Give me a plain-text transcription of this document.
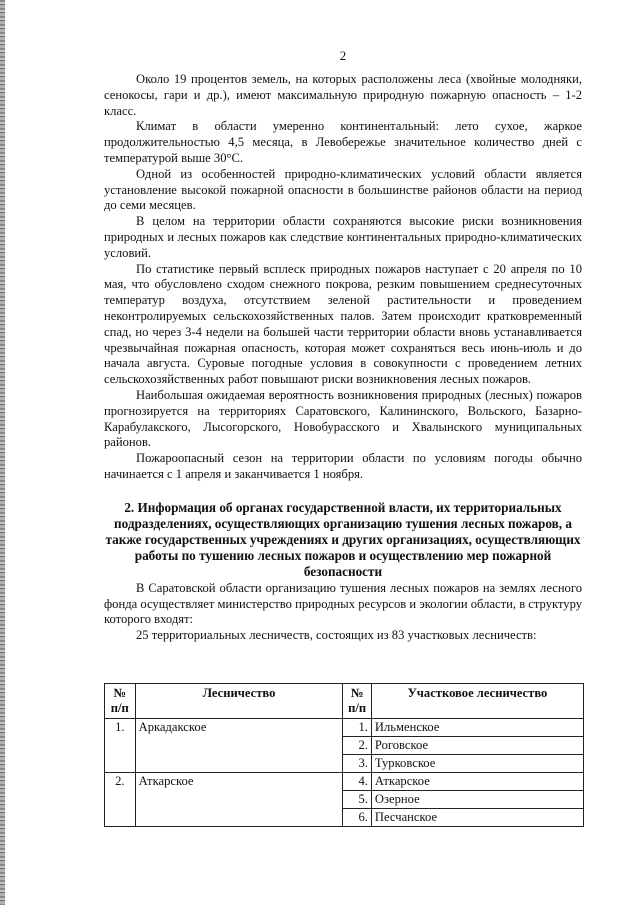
2

Около 19 процентов земель, на которых расположены леса (хвойные молодняки, сенокосы, гари и др.), имеют максимальную природную пожарную опасность – 1-2 класс.

Климат в области умеренно континентальный: лето сухое, жаркое продолжительностью 4,5 месяца, в Левобережье значительное количество дней с температурой выше 30°С.

Одной из особенностей природно-климатических условий области является установление высокой пожарной опасности в большинстве районов области на период до семи месяцев.

В целом на территории области сохраняются высокие риски возникновения природных и лесных пожаров как следствие континентальных природно-климатических условий.

По статистике первый всплеск природных пожаров наступает с 20 апреля по 10 мая, что обусловлено сходом снежного покрова, резким повышением среднесуточных температур воздуха, отсутствием зеленой растительности и проведением неконтролируемых сельскохозяйственных палов. Затем происходит кратковременный спад, но через 3-4 недели на большей части территории области вновь устанавливается чрезвычайная пожарная опасность, которая может сохраняться весь июнь-июль и до начала августа. Суровые погодные условия в совокупности с проведением летних сельскохозяйственных работ повышают риски возникновения лесных пожаров.

Наибольшая ожидаемая вероятность возникновения природных (лесных) пожаров прогнозируется на территориях Саратовского, Калининского, Вольского, Базарно-Карабулакского, Лысогорского, Новобурасского и Хвалынского муниципальных районов.

Пожароопасный сезон на территории области по условиям погоды обычно начинается с 1 апреля и заканчивается 1 ноября.

2. Информация об органах государственной власти, их территориальных подразделениях, осуществляющих организацию тушения лесных пожаров, а также государственных учреждениях и других организациях, осуществляющих работы по тушению лесных пожаров и осуществлению мер пожарной безопасности

В Саратовской области организацию тушения лесных пожаров на землях лесного фонда осуществляет министерство природных ресурсов и экологии области, в структуру которого входят:

25 территориальных лесничеств, состоящих из 83 участковых лесничеств:

№ п/п	Лесничество	№ п/п	Участковое лесничество
1.	Аркадакское	1.	Ильменское
		2.	Роговское
		3.	Турковское
2.	Аткарское	4.	Аткарское
		5.	Озерное
		6.	Песчанское
